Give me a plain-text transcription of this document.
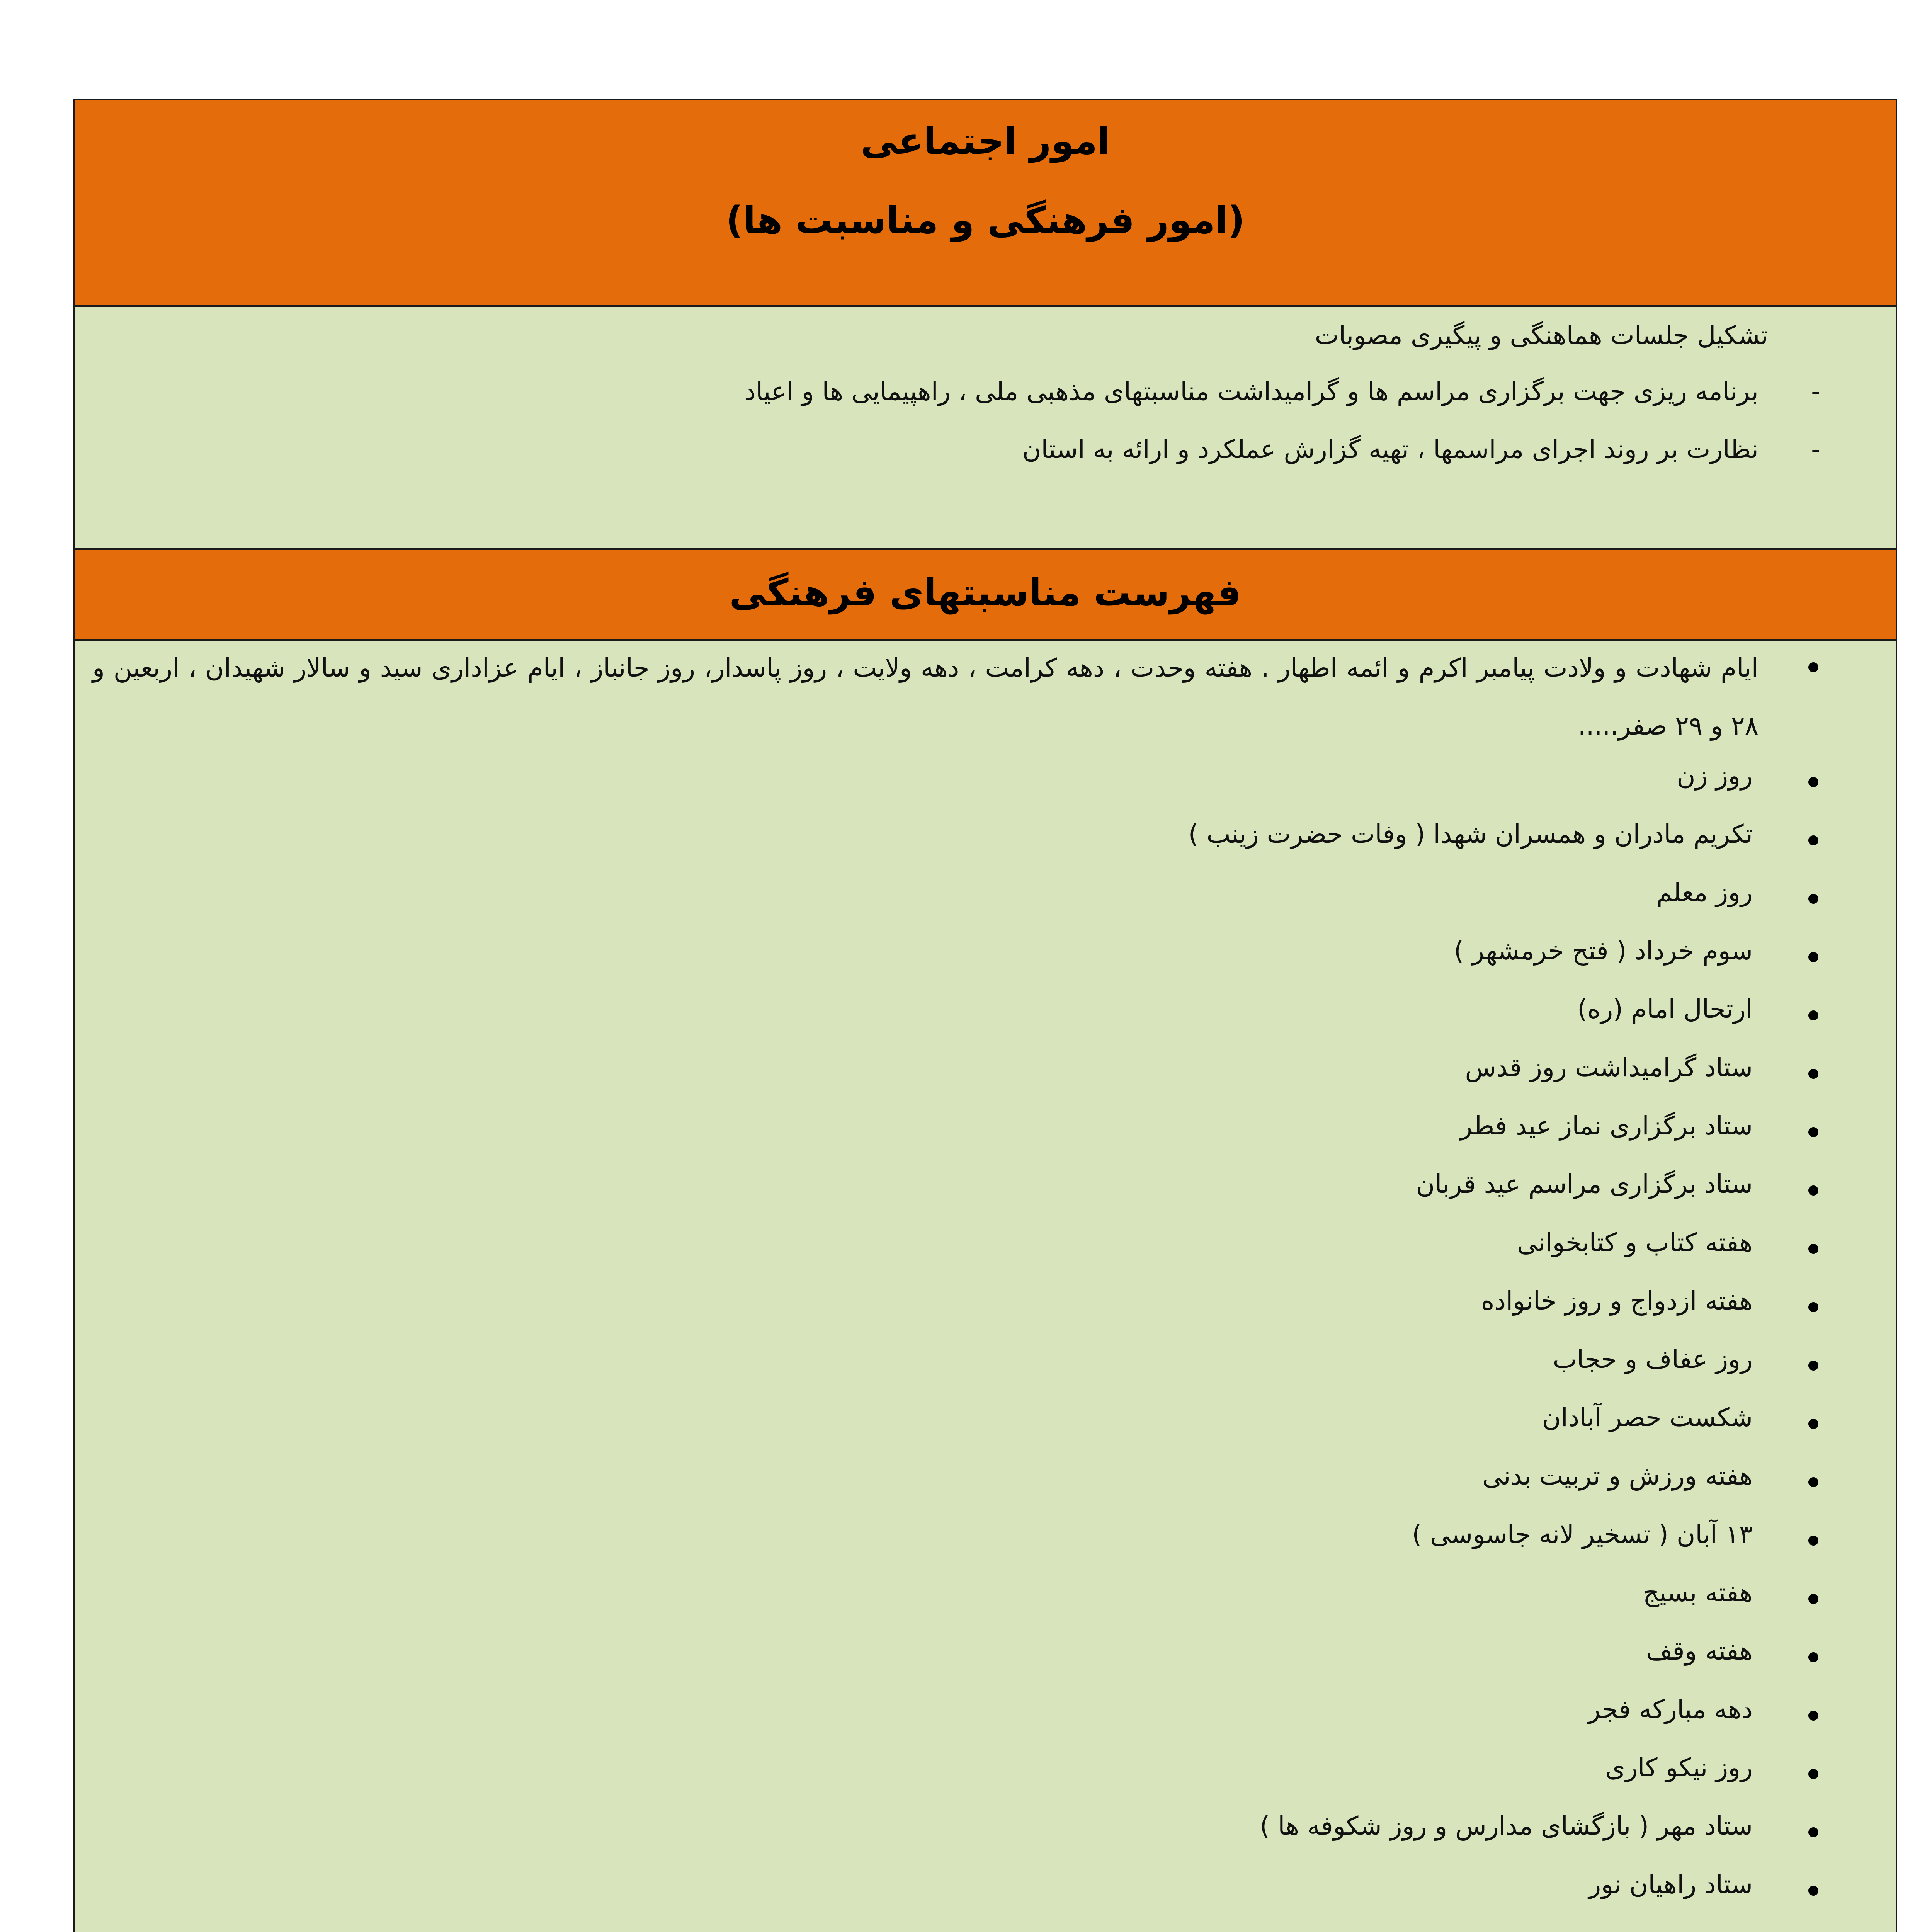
امور اجتماعی
(امور فرهنگی و مناسبت ها)
تشکیل جلسات هماهنگی و پیگیری مصوبات
-
برنامه ریزی جهت برگزاری مراسم ها و گرامیداشت مناسبتهای مذهبی ملی ، راهپیمایی ها و اعیاد
-
نظارت بر روند اجرای مراسمها ، تهیه گزارش عملکرد و ارائه به استان
فهرست مناسبتهای فرهنگی
ایام شهادت و ولادت پیامبر اکرم و ائمه اطهار . هفته وحدت ، دهه کرامت ، دهه ولایت ، روز پاسدار، روز جانباز ، ایام عزاداری سید و سالار شهیدان ، اربعین و ۲۸ و ۲۹ صفر.....
روز زن
تکریم مادران و همسران شهدا ( وفات حضرت زینب )
روز معلم
سوم خرداد ( فتح خرمشهر )
ارتحال امام (ره)
ستاد گرامیداشت روز قدس
ستاد برگزاری نماز عید فطر
ستاد برگزاری مراسم عید قربان
هفته کتاب و کتابخوانی
هفته ازدواج و روز خانواده
روز عفاف و حجاب
شکست حصر آبادان
هفته ورزش و تربیت بدنی
۱۳ آبان ( تسخیر لانه جاسوسی )
هفته بسیج
هفته وقف
دهه مبارکه فجر
روز نیکو کاری
ستاد مهر ( بازگشای مدارس و روز شکوفه ها )
ستاد راهیان نور
